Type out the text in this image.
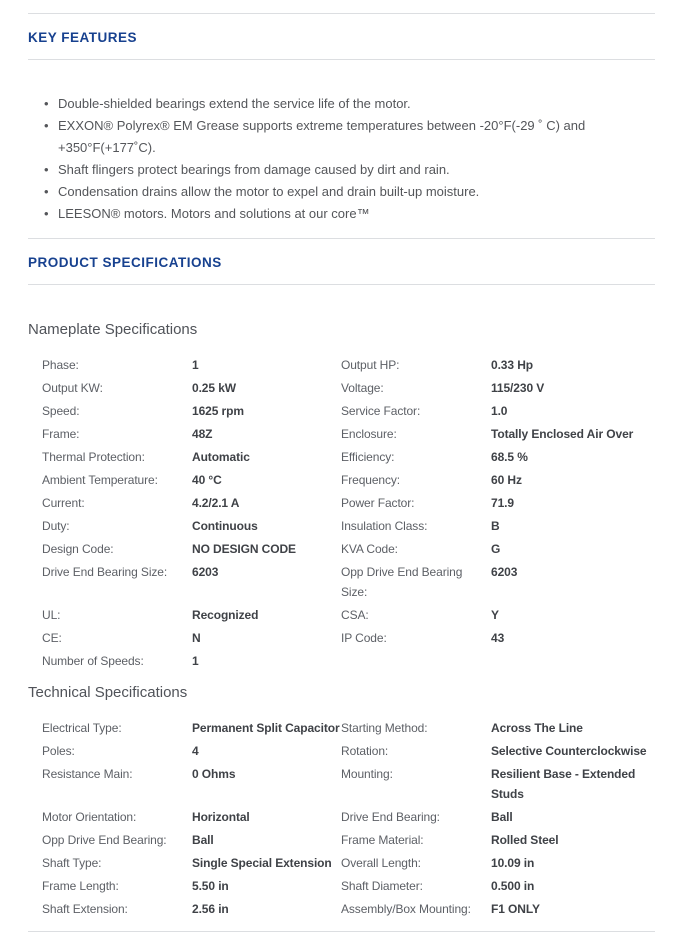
KEY FEATURES
• Double-shielded bearings extend the service life of the motor.
• EXXON® Polyrex® EM Grease supports extreme temperatures between -20°F(-29 ˚ C) and +350°F(+177˚C).
• Shaft flingers protect bearings from damage caused by dirt and rain.
• Condensation drains allow the motor to expel and drain built-up moisture.
• LEESON® motors. Motors and solutions at our core™
PRODUCT SPECIFICATIONS
Nameplate Specifications
Phase:	1	Output HP:	0.33 Hp
Output KW:	0.25 kW	Voltage:	115/230 V
Speed:	1625 rpm	Service Factor:	1.0
Frame:	48Z	Enclosure:	Totally Enclosed Air Over
Thermal Protection:	Automatic	Efficiency:	68.5 %
Ambient Temperature:	40 °C	Frequency:	60 Hz
Current:	4.2/2.1 A	Power Factor:	71.9
Duty:	Continuous	Insulation Class:	B
Design Code:	NO DESIGN CODE	KVA Code:	G
Drive End Bearing Size:	6203	Opp Drive End Bearing Size:
6203
UL:	Recognized	CSA:	Y
CE:	N	IP Code:	43
Number of Speeds:	1
Technical Specifications
Electrical Type:	Permanent Split Capacitor Starting Method:	Across The Line
Poles:	4	Rotation:	Selective Counterclockwise
Resistance Main:	0 Ohms	Mounting:	Resilient Base - Extended Studs
Motor Orientation:	Horizontal	Drive End Bearing:	Ball
Opp Drive End Bearing:	Ball	Frame Material:	Rolled Steel
Shaft Type:	Single Special Extension Overall Length:	10.09 in
Frame Length:	5.50 in	Shaft Diameter:	0.500 in
Shaft Extension:	2.56 in	Assembly/Box Mounting:	F1 ONLY
